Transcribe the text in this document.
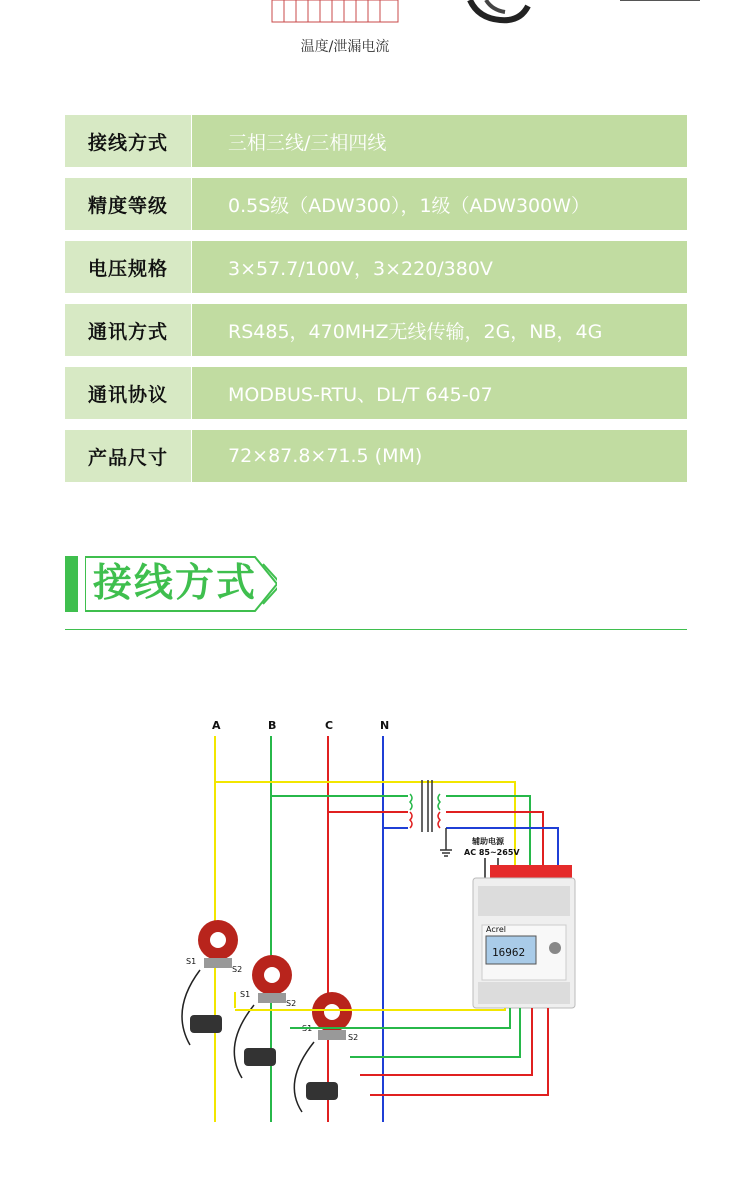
温度/泄漏电流
接线方式	三相三线/三相四线
精度等级	0.5S级（ADW300），1级（ADW300W）
电压规格	3×57.7/100V，3×220/380V
通讯方式	RS485，470MHZ无线传输，2G，NB，4G
通讯协议	MODBUS-RTU、DL/T 645-07
产品尺寸	72×87.8×71.5 (MM)
接线方式
A	B	C	N
辅助电源
AC 85~265V
Acrel
16962
S1
S2
S1
S2
S1
S2
